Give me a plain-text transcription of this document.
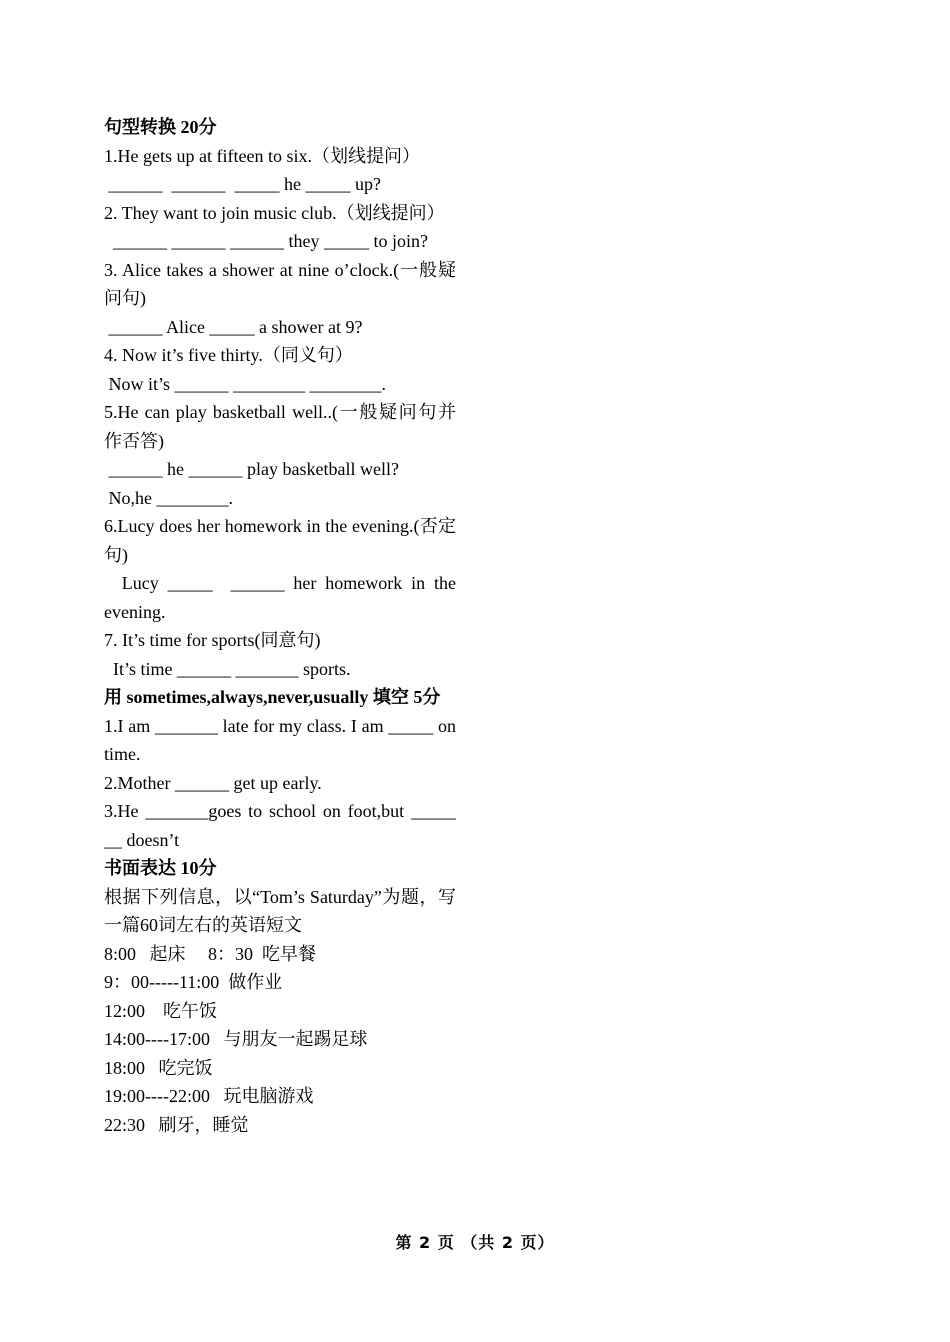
句型转换 20分
1.He gets up at fifteen to six.（划线提问）
______  ______  _____ he _____ up?
2. They want to join music club.（划线提问）
______ ______ ______ they _____ to join?
3. Alice takes a shower at nine o’clock.(一般疑问句)
______ Alice _____ a shower at 9?
4. Now it’s five thirty.（同义句）
Now it’s ______ ________ ________.
5.He can play basketball well..(一般疑问句并作否答)
______ he ______ play basketball well?
No,he ________.
6.Lucy does her homework in the evening.(否定句)
Lucy _____  ______ her homework in the evening.
7. It’s time for sports(同意句)
It’s time ______ _______ sports.
用 sometimes,always,never,usually 填空 5分
1.I am _______ late for my class. I am _____ on time.
2.Mother ______ get up early.
3.He _______goes to school on foot,but _____ __ doesn’t
书面表达 10分
根据下列信息，以“Tom’s Saturday”为题，写一篇60词左右的英语短文
8:00   起床     8：30  吃早餐
9：00-----11:00  做作业
12:00    吃午饭
14:00----17:00   与朋友一起踢足球
18:00   吃完饭
19:00----22:00   玩电脑游戏
22:30   刷牙，睡觉
第 2 页 （共 2 页）
